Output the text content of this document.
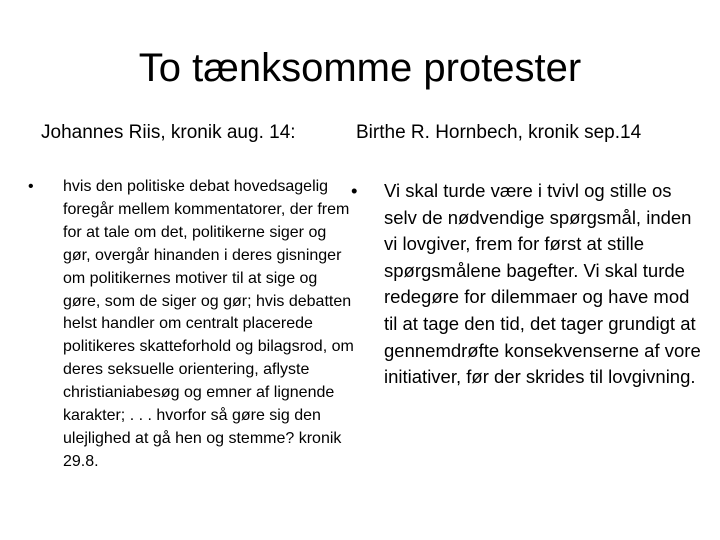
To tænksomme protester
Johannes Riis, kronik aug. 14:	Birthe R. Hornbech, kronik sep.14
• hvis den politiske debat hovedsagelig foregår mellem kommentatorer, der frem for at tale om det, politikerne siger og gør, overgår hinanden i deres gisninger om politikernes motiver til at sige og gøre, som de siger og gør; hvis debatten helst handler om centralt placerede politikeres skatteforhold og bilagsrod, om deres seksuelle orientering, aflyste christianiabesøg og emner af lignende karakter; . . . hvorfor så gøre sig den ulejlighed at gå hen og stemme? kronik 29.8.
• Vi skal turde være i tvivl og stille os selv de nødvendige spørgsmål, inden vi lovgiver, frem for først at stille spørgsmålene bagefter. Vi skal turde redegøre for dilemmaer og have mod til at tage den tid, det tager grundigt at gennemdrøfte konsekvenserne af vore initiativer, før der skrides til lovgivning.
